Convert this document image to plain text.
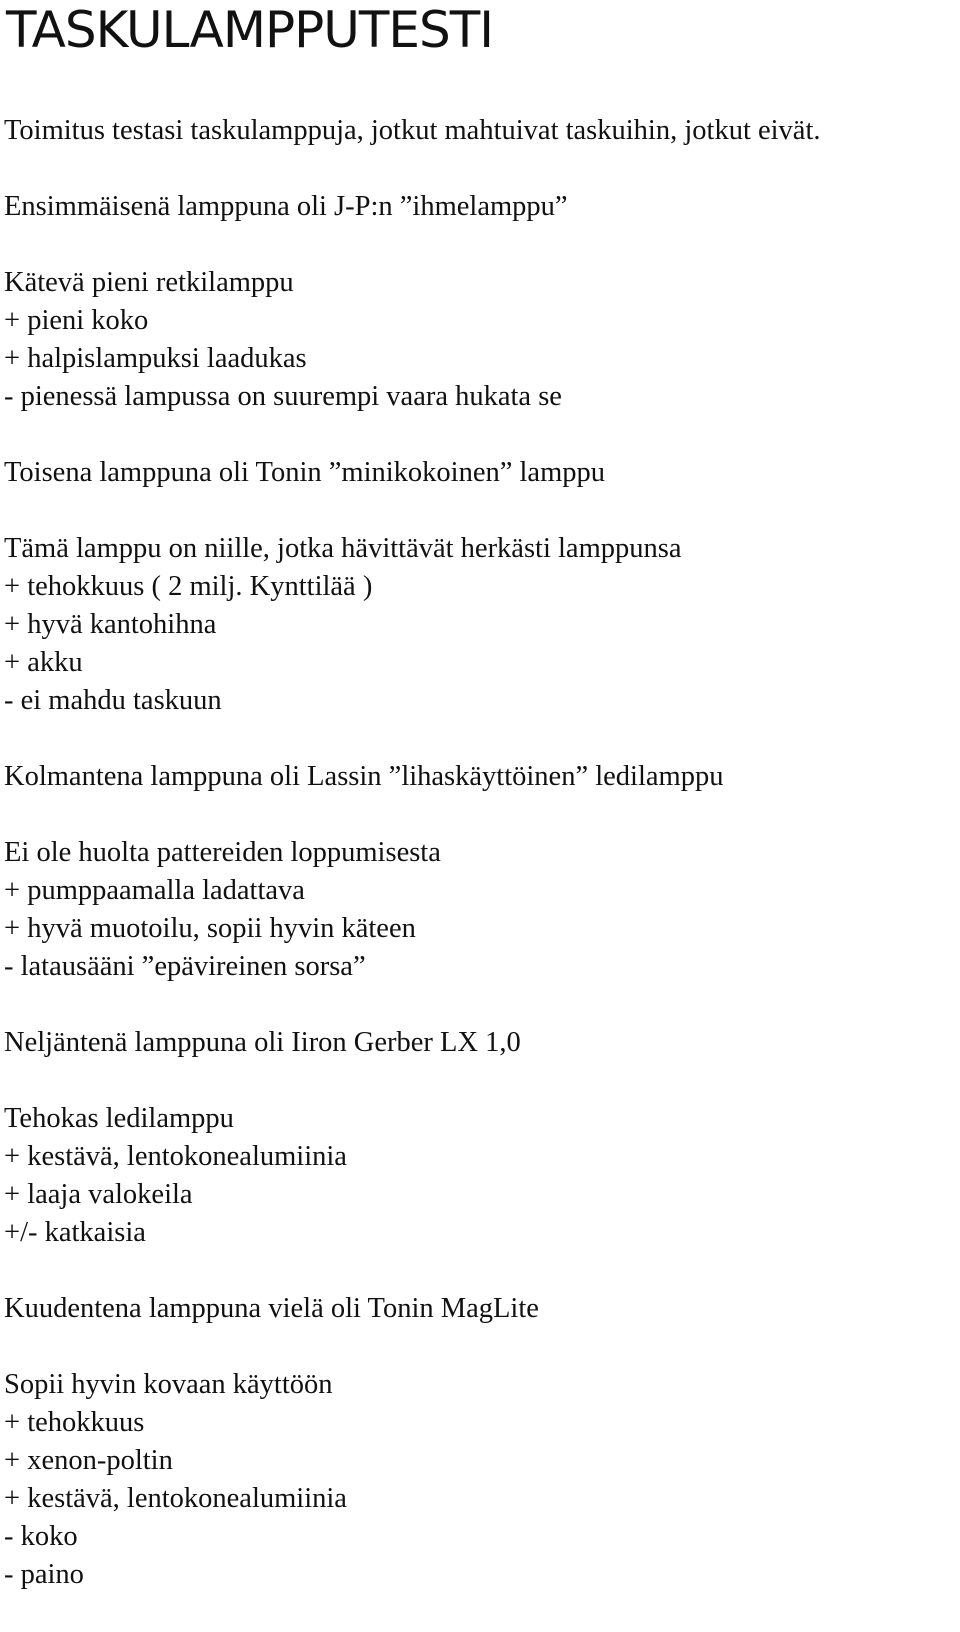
TASKULAMPPUTESTI

Toimitus testasi taskulamppuja, jotkut mahtuivat taskuihin, jotkut eivät.

Ensimmäisenä lamppuna oli J-P:n ”ihmelamppu”

Kätevä pieni retkilamppu
+ pieni koko
+ halpislampuksi laadukas
- pienessä lampussa on suurempi vaara hukata se

Toisena lamppuna oli Tonin ”minikokoinen” lamppu

Tämä lamppu on niille, jotka hävittävät herkästi lamppunsa
+ tehokkuus ( 2 milj. Kynttilää )
+ hyvä kantohihna
+ akku
- ei mahdu taskuun

Kolmantena lamppuna oli Lassin ”lihaskäyttöinen” ledilamppu

Ei ole huolta pattereiden loppumisesta
+ pumppaamalla ladattava
+ hyvä muotoilu, sopii hyvin käteen
- latausääni ”epävireinen sorsa”

Neljäntenä lamppuna oli Iiron Gerber LX 1,0

Tehokas ledilamppu
+ kestävä, lentokonealumiinia
+ laaja valokeila
+/- katkaisia

Kuudentena lamppuna vielä oli Tonin MagLite

Sopii hyvin kovaan käyttöön
+ tehokkuus
+ xenon-poltin
+ kestävä, lentokonealumiinia
- koko
- paino
